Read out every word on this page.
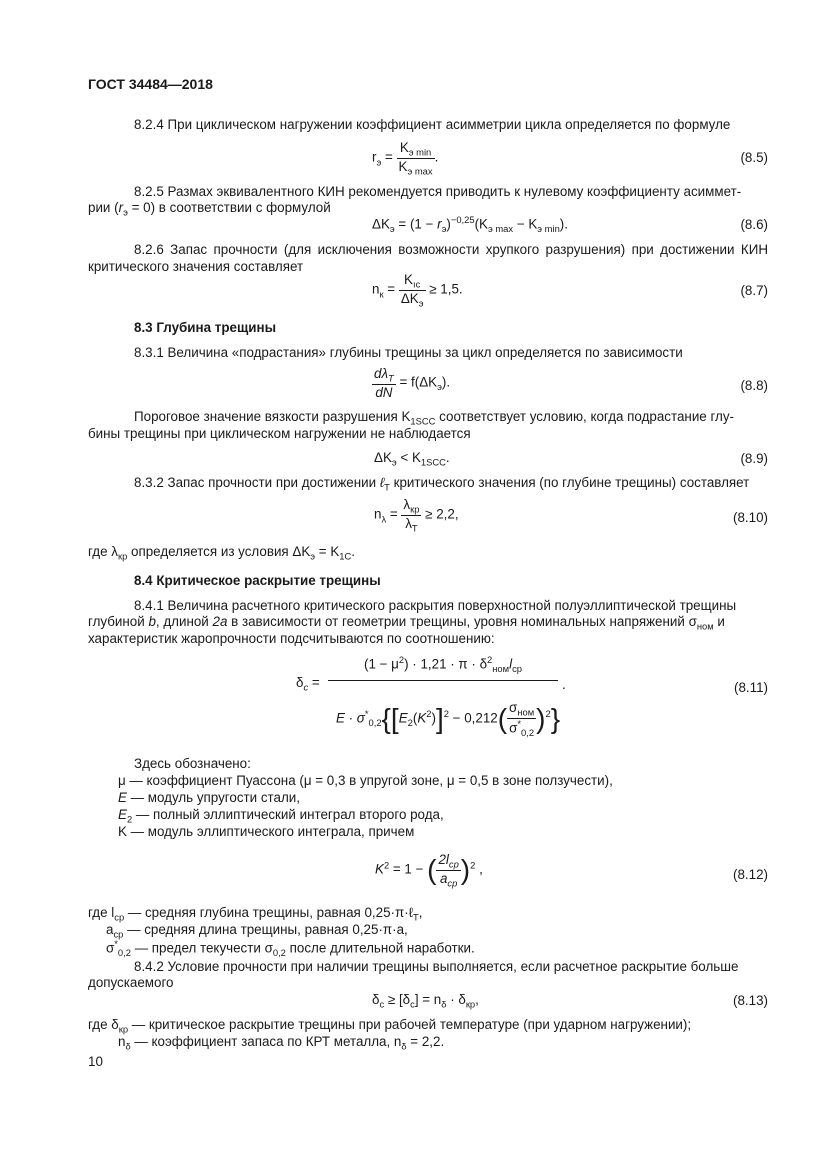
ГОСТ 34484—2018
8.2.4 При циклическом нагружении коэффициент асимметрии цикла определяется по формуле
$r_э = \frac{K_{э min}}{K_{э max}}$ .	(8.5)
8.2.5 Размах эквивалентного КИН рекомендуется приводить к нулевому коэффициенту асиммет-
рии $(r_э = 0)$ в соответствии с формулой
$\Delta K_э = (1 - r_э)^{-0,25}(K_{э max} - K_{э min})$.	(8.6)
8.2.6 Запас прочности (для исключения возможности хрупкого разрушения) при достижении КИН критического значения составляет
$n_к = \frac{K_{ıc}}{\Delta K_э} \ge 1,5$.	(8.7)
8.3 Глубина трещины
8.3.1 Величина «подрастания» глубины трещины за цикл определяется по зависимости
$\frac{d\lambda_T}{dN} = f(\Delta K_э)$.	(8.8)
Пороговое значение вязкости разрушения $K_{1SCC}$ соответствует условию, когда подрастание глу-
бины трещины при циклическом нагружении не наблюдается
$\Delta K_э < K_{1SCC}$.	(8.9)
8.3.2 Запас прочности при достижении ℓ$_T$ критического значения (по глубине трещины) составляет
$n_\lambda = \frac{\lambda_{кр}}{\lambda_T} \ge 2,2$,	(8.10)
где $\lambda_{кр}$ определяется из условия $\Delta K_э = K_{1C}$.
8.4 Критическое раскрытие трещины
8.4.1 Величина расчетного критического раскрытия поверхностной полуэллиптической трещины
глубиной b, длиной 2a в зависимости от геометрии трещины, уровня номинальных напряжений $\sigma_{ном}$ и
характеристик жаропрочности подсчитываются по соотношению:
$\delta_c$ =
$(1 - \mu^2) \cdot 1,21 \cdot \pi \cdot \delta^2_{ном}l_{cp}$
$E \cdot \sigma^*_{0,2}\{[E_2(K^2)]^2 - 0,212( \frac{\sigma_{ном}}{\sigma^*_{0,2}} )^2\}$
.	(8.11)
Здесь обозначено:
μ — коэффициент Пуассона (μ = 0,3 в упругой зоне, μ = 0,5 в зоне ползучести),
E — модуль упругости стали,
$E_2$ — полный эллиптический интеграл второго рода,
K — модуль эллиптического интеграла, причем
$K^2 = 1$ − ( $\frac{2l_{cp}}{a_{cp}} )^2$ ,	(8.12)
где $l_{cp}$ — средняя глубина трещины, равная 0,25·π·ℓ$_T$,
$a_{cp}$ — средняя длина трещины, равная 0,25·π·a,
$\sigma^*_{0,2}$ — предел текучести $\sigma_{0,2}$ после длительной наработки.
8.4.2 Условие прочности при наличии трещины выполняется, если расчетное раскрытие больше
допускаемого
$\delta_c \ge [\delta_c] = n_\delta \cdot \delta_{кр}$,	(8.13)
где $\delta_{кр}$ — критическое раскрытие трещины при рабочей температуре (при ударном нагружении);
$n_\delta$ — коэффициент запаса по КРТ металла, $n_\delta = 2,2$.
10
